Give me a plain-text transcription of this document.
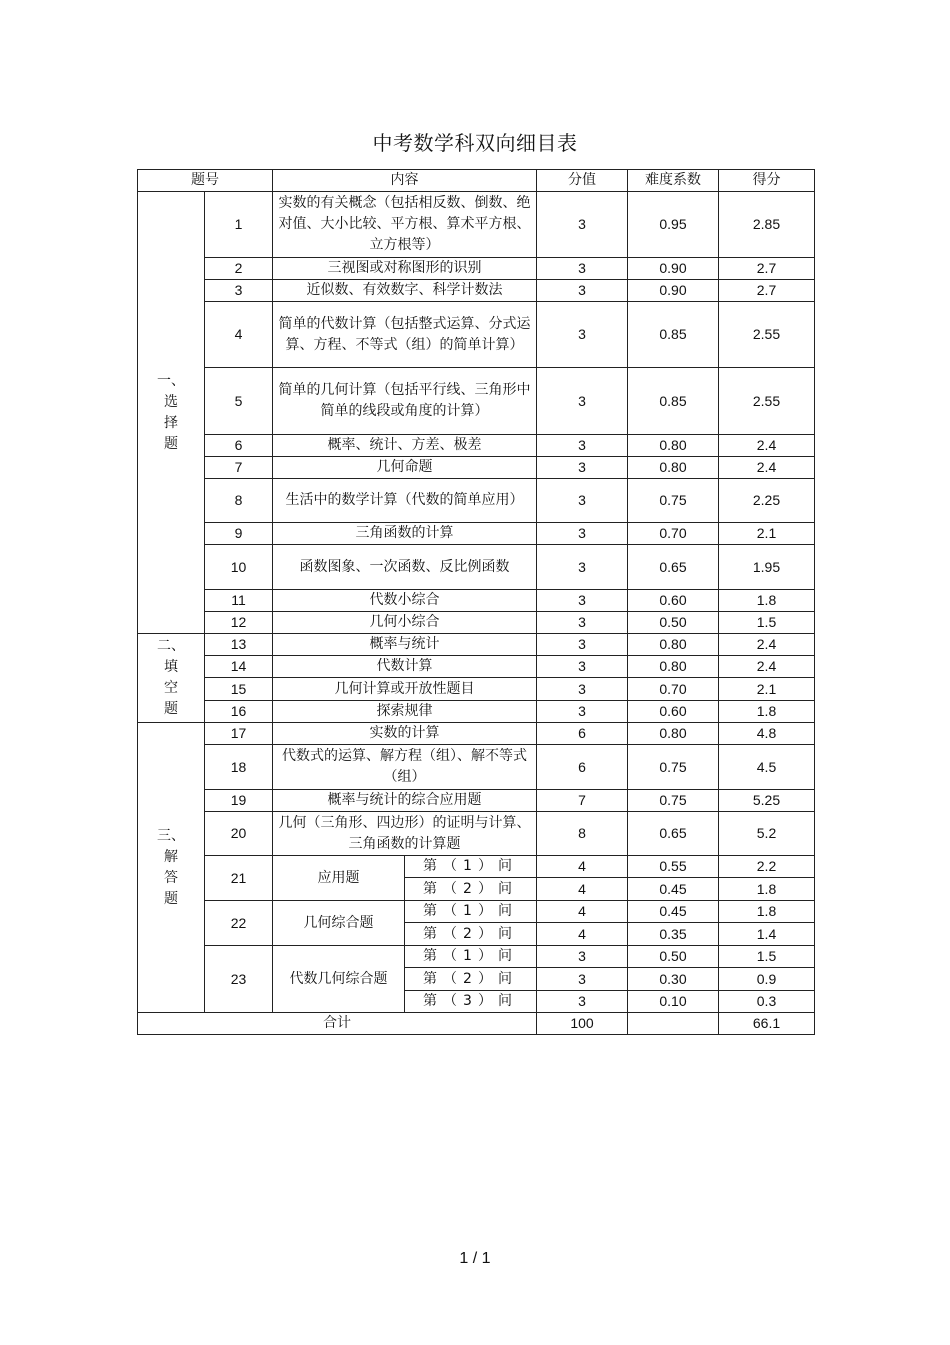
中考数学科双向细目表
题号		内容		分值	难度系数	得分

一、
选
择
题	1	实数的有关概念（包括相反数、倒数、绝对值、大小比较、平方根、算术平方根、立方根等）		3	0.95	2.85
	2	三视图或对称图形的识别		3	0.90	2.7
	3	近似数、有效数字、科学计数法		3	0.90	2.7
	4	简单的代数计算（包括整式运算、分式运算、方程、不等式（组）的简单计算）		3	0.85	2.55
	5	简单的几何计算（包括平行线、三角形中简单的线段或角度的计算）		3	0.85	2.55
	6	概率、统计、方差、极差		3	0.80	2.4
	7	几何命题		3	0.80	2.4
	8	生活中的数学计算（代数的简单应用）		3	0.75	2.25
	9	三角函数的计算		3	0.70	2.1
	10	函数图象、一次函数、反比例函数		3	0.65	1.95
	11	代数小综合		3	0.60	1.8
	12	几何小综合		3	0.50	1.5

二、
填
空
题	13	概率与统计		3	0.80	2.4
	14	代数计算		3	0.80	2.4
	15	几何计算或开放性题目		3	0.70	2.1
	16	探索规律		3	0.60	1.8

三、
解
答
题	17	实数的计算		6	0.80	4.8
	18	代数式的运算、解方程（组）、解不等式（组）		6	0.75	4.5
	19	概率与统计的综合应用题		7	0.75	5.25
	20	几何（三角形、四边形）的证明与计算、三角函数的计算题		8	0.65	5.2
	21	应用题	第（1）问	4	0.55	2.2
			第（2）问	4	0.45	1.8
	22	几何综合题	第（1）问	4	0.45	1.8
			第（2）问	4	0.35	1.4
	23	代数几何综合题	第（1）问	3	0.50	1.5
			第（2）问	3	0.30	0.9
			第（3）问	3	0.10	0.3
合计				100		66.1
1 / 1
